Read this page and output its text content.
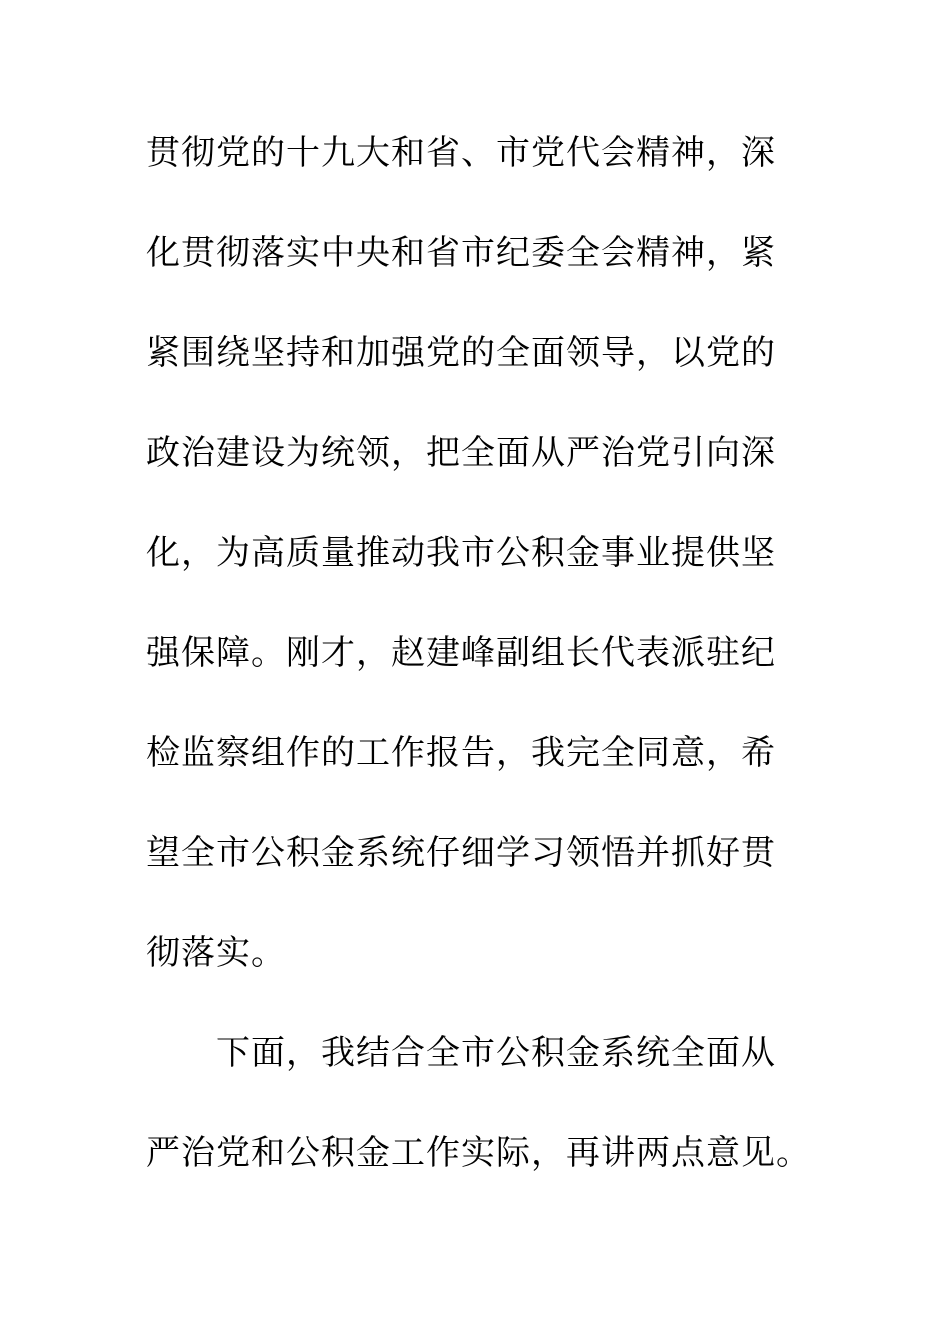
贯彻党的十九大和省、市党代会精神，深
化贯彻落实中央和省市纪委全会精神，紧
紧围绕坚持和加强党的全面领导，以党的
政治建设为统领，把全面从严治党引向深
化，为高质量推动我市公积金事业提供坚
强保障。刚才，赵建峰副组长代表派驻纪
检监察组作的工作报告，我完全同意，希
望全市公积金系统仔细学习领悟并抓好贯
彻落实。
下面，我结合全市公积金系统全面从
严治党和公积金工作实际，再讲两点意见。
